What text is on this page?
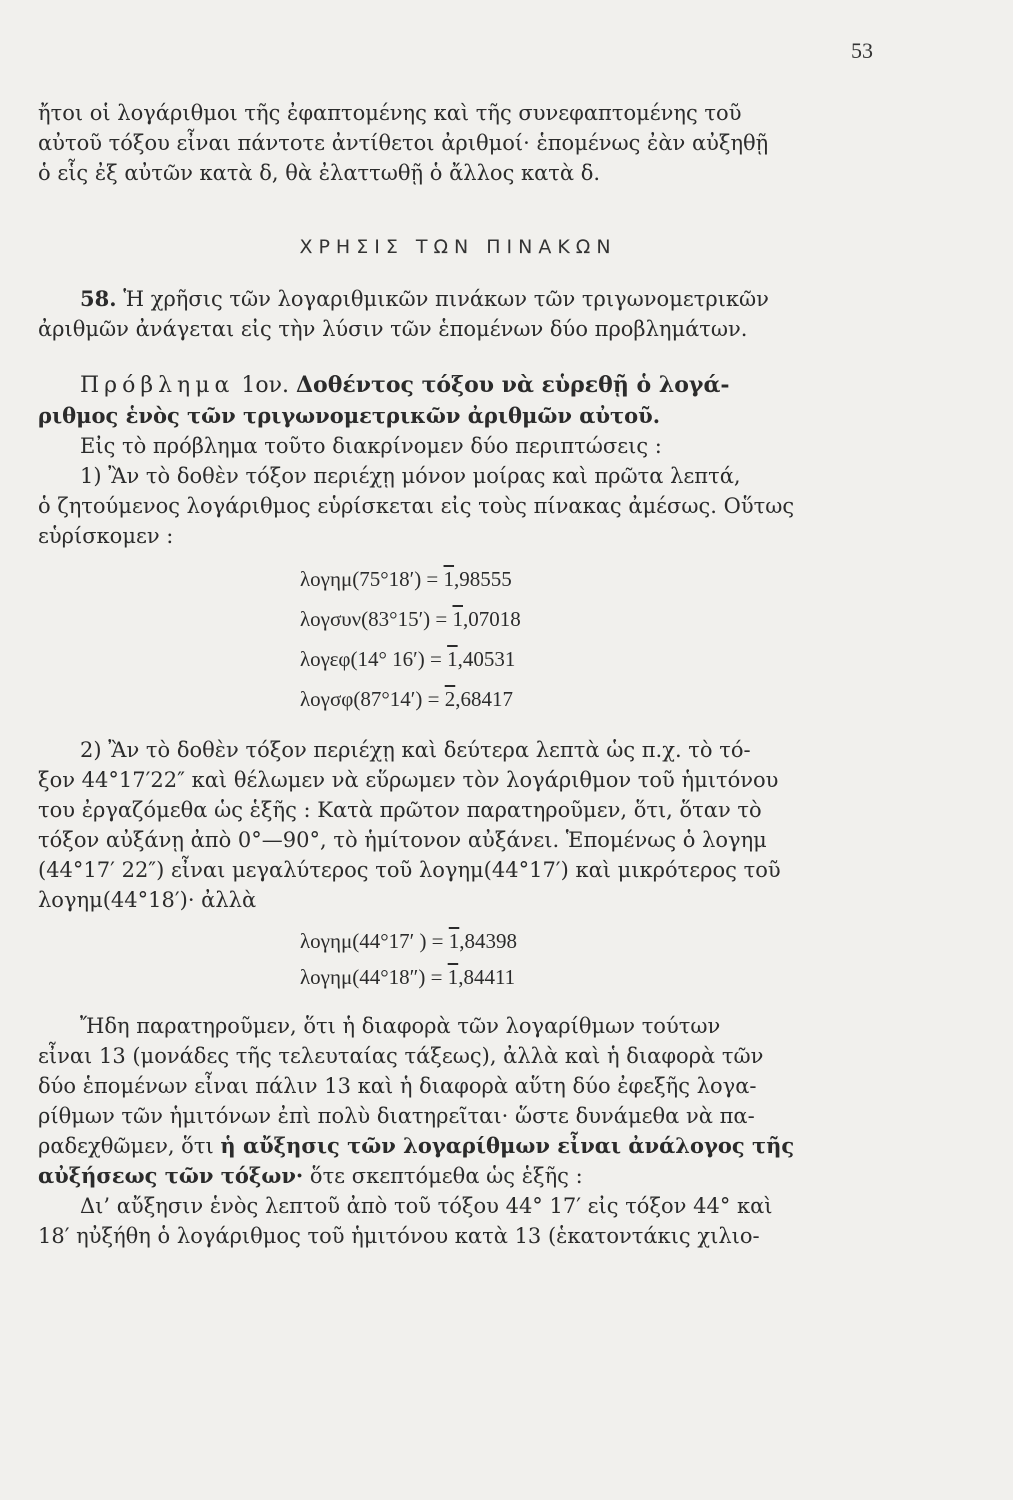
53
ἤτοι οἱ λογάριθμοι τῆς ἐφαπτομένης καὶ τῆς συνεφαπτομένης τοῦ
αὐτοῦ τόξου εἶναι πάντοτε ἀντίθετοι ἀριθμοί· ἑπομένως ἐὰν αὐξηθῇ
ὁ εἷς ἐξ αὐτῶν κατὰ δ, θὰ ἐλαττωθῇ ὁ ἄλλος κατὰ δ.
ΧΡΗΣΙΣ ΤΩΝ ΠΙΝΑΚΩΝ
58. Ἡ χρῆσις τῶν λογαριθμικῶν πινάκων τῶν τριγωνομετρικῶν
ἀριθμῶν ἀνάγεται εἰς τὴν λύσιν τῶν ἑπομένων δύο προβλημάτων.
Πρόβλημα 1ον. Δοθέντος τόξου νὰ εὑρεθῇ ὁ λογά-
ριθμος ἑνὸς τῶν τριγωνομετρικῶν ἀριθμῶν αὐτοῦ.
Εἰς τὸ πρόβλημα τοῦτο διακρίνομεν δύο περιπτώσεις :
1) Ἂν τὸ δοθὲν τόξον περιέχῃ μόνον μοίρας καὶ πρῶτα λεπτά,
ὁ ζητούμενος λογάριθμος εὑρίσκεται εἰς τοὺς πίνακας ἀμέσως. Οὕτως
εὑρίσκομεν :
λογημ(75°18′) = 1,98555
λογσυν(83°15′) = 1,07018
λογεφ(14° 16′) = 1,40531
λογσφ(87°14′) = 2,68417
2) Ἂν τὸ δοθὲν τόξον περιέχῃ καὶ δεύτερα λεπτὰ ὡς π.χ. τὸ τό-
ξον 44°17′22″ καὶ θέλωμεν νὰ εὕρωμεν τὸν λογάριθμον τοῦ ἡμιτόνου
του ἐργαζόμεθα ὡς ἑξῆς : Κατὰ πρῶτον παρατηροῦμεν, ὅτι, ὅταν τὸ
τόξον αὐξάνῃ ἀπὸ 0°—90°, τὸ ἡμίτονον αὐξάνει. Ἑπομένως ὁ λογημ
(44°17′ 22″) εἶναι μεγαλύτερος τοῦ λογημ(44°17′) καὶ μικρότερος τοῦ
λογημ(44°18′)· ἀλλὰ
λογημ(44°17′ ) = 1,84398
λογημ(44°18″) = 1,84411
Ἤδη παρατηροῦμεν, ὅτι ἡ διαφορὰ τῶν λογαρίθμων τούτων
εἶναι 13 (μονάδες τῆς τελευταίας τάξεως), ἀλλὰ καὶ ἡ διαφορὰ τῶν
δύο ἑπομένων εἶναι πάλιν 13 καὶ ἡ διαφορὰ αὕτη δύο ἐφεξῆς λογα-
ρίθμων τῶν ἡμιτόνων ἐπὶ πολὺ διατηρεῖται· ὥστε δυνάμεθα νὰ πα-
ραδεχθῶμεν, ὅτι ἡ αὔξησις τῶν λογαρίθμων εἶναι ἀνάλογος τῆς
αὐξήσεως τῶν τόξων· ὅτε σκεπτόμεθα ὡς ἑξῆς :
Δι’ αὔξησιν ἑνὸς λεπτοῦ ἀπὸ τοῦ τόξου 44° 17′ εἰς τόξον 44° καὶ
18′ ηὐξήθη ὁ λογάριθμος τοῦ ἡμιτόνου κατὰ 13 (ἑκατοντάκις χιλιο-
